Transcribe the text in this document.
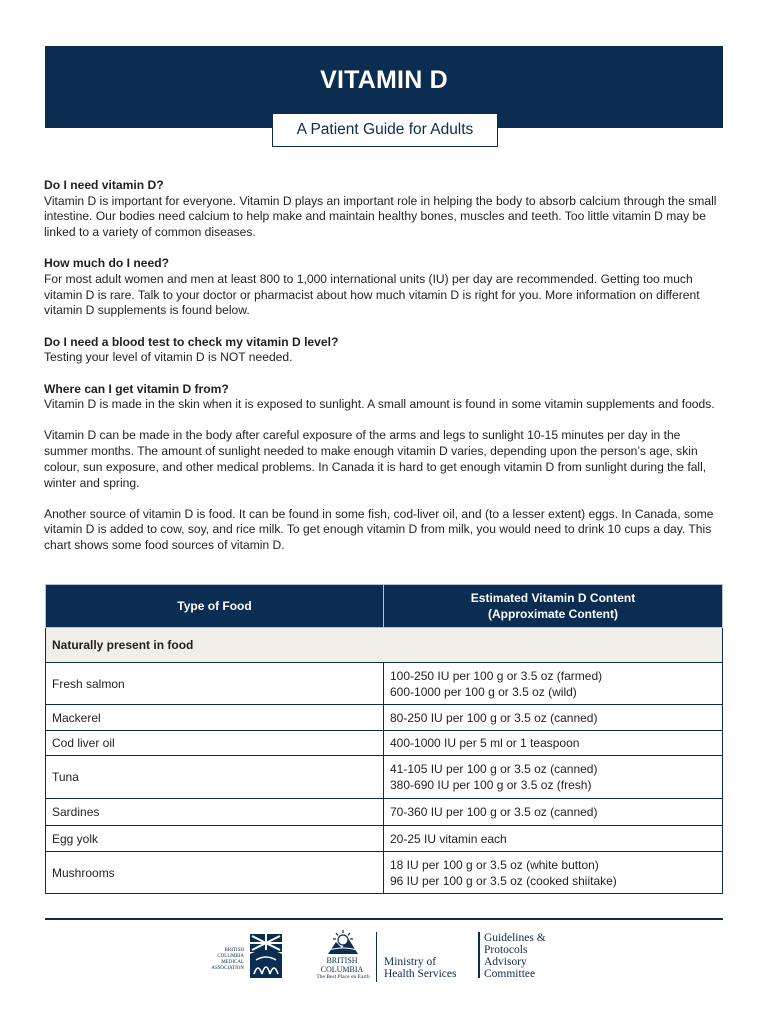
VITAMIN D
A Patient Guide for Adults
Do I need vitamin D?

Vitamin D is important for everyone. Vitamin D plays an important role in helping the body to absorb calcium through the small intestine. Our bodies need calcium to help make and maintain healthy bones, muscles and teeth. Too little vitamin D may be linked to a variety of common diseases.

How much do I need?

For most adult women and men at least 800 to 1,000 international units (IU) per day are recommended. Getting too much vitamin D is rare. Talk to your doctor or pharmacist about how much vitamin D is right for you. More information on different vitamin D supplements is found below.

Do I need a blood test to check my vitamin D level?

Testing your level of vitamin D is NOT needed.

Where can I get vitamin D from?

Vitamin D is made in the skin when it is exposed to sunlight. A small amount is found in some vitamin supplements and foods.

Vitamin D can be made in the body after careful exposure of the arms and legs to sunlight 10-15 minutes per day in the summer months. The amount of sunlight needed to make enough vitamin D varies, depending upon the person’s age, skin colour, sun exposure, and other medical problems. In Canada it is hard to get enough vitamin D from sunlight during the fall, winter and spring.

Another source of vitamin D is food. It can be found in some fish, cod-liver oil, and (to a lesser extent) eggs. In Canada, some vitamin D is added to cow, soy, and rice milk. To get enough vitamin D from milk, you would need to drink 10 cups a day. This chart shows some food sources of vitamin D.

Type of Food	Estimated Vitamin D Content
(Approximate Content)

Naturally present in food	
Fresh salmon	100-250 IU per 100 g or 3.5 oz (farmed)
600-1000 per 100 g or 3.5 oz (wild)

Mackerel	80-250 IU per 100 g or 3.5 oz (canned)
Cod liver oil	400-1000 IU per 5 ml or 1 teaspoon
Tuna	41-105 IU per 100 g or 3.5 oz (canned)
380-690 IU per 100 g or 3.5 oz (fresh)

Sardines	70-360 IU per 100 g or 3.5 oz (canned)
Egg yolk	20-25 IU vitamin each
Mushrooms	18 IU per 100 g or 3.5 oz (white button)
96 IU per 100 g or 3.5 oz (cooked shiitake)
BRITISH
COLUMBIA
MEDICAL
ASSOCIATION
BRITISH
COLUMBIA
The Best Place on Earth
Ministry of
Health Services
Guidelines &
Protocols
Advisory
Committee
